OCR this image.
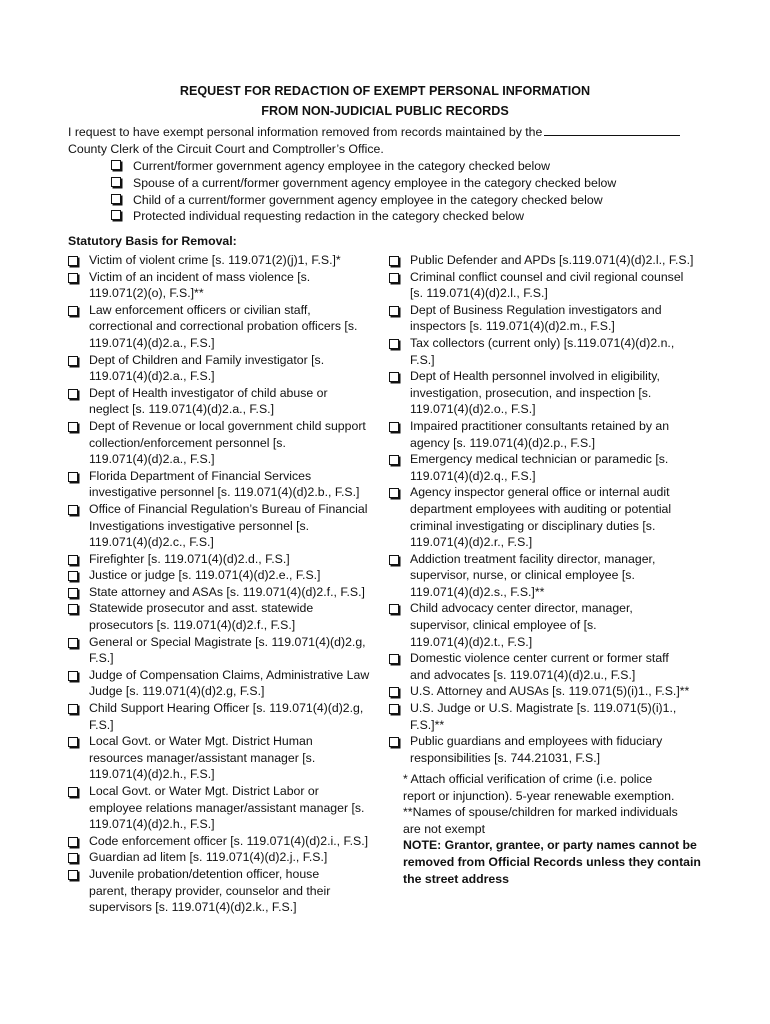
REQUEST FOR REDACTION OF EXEMPT PERSONAL INFORMATION
FROM NON-JUDICIAL PUBLIC RECORDS
I request to have exempt personal information removed from records maintained by the
County Clerk of the Circuit Court and Comptroller’s Office.
Current/former government agency employee in the category checked below
Spouse of a current/former government agency employee in the category checked below
Child of a current/former government agency employee in the category checked below
Protected individual requesting redaction in the category checked below
Statutory Basis for Removal:
Victim of violent crime [s. 119.071(2)(j)1, F.S.]*
Victim of an incident of mass violence [s.
119.071(2)(o), F.S.]**
Law enforcement officers or civilian staff,
correctional and correctional probation officers [s.
119.071(4)(d)2.a., F.S.]
Dept of Children and Family investigator [s.
119.071(4)(d)2.a., F.S.]
Dept of Health investigator of child abuse or
neglect [s. 119.071(4)(d)2.a., F.S.]
Dept of Revenue or local government child support
collection/enforcement personnel [s.
119.071(4)(d)2.a., F.S.]
Florida Department of Financial Services
investigative personnel [s. 119.071(4)(d)2.b., F.S.]
Office of Financial Regulation’s Bureau of Financial
Investigations investigative personnel [s.
119.071(4)(d)2.c., F.S.]
Firefighter [s. 119.071(4)(d)2.d., F.S.]
Justice or judge [s. 119.071(4)(d)2.e., F.S.]
State attorney and ASAs [s. 119.071(4)(d)2.f., F.S.]
Statewide prosecutor and asst. statewide
prosecutors [s. 119.071(4)(d)2.f., F.S.]
General or Special Magistrate [s. 119.071(4)(d)2.g,
F.S.]
Judge of Compensation Claims, Administrative Law
Judge [s. 119.071(4)(d)2.g, F.S.]
Child Support Hearing Officer [s. 119.071(4)(d)2.g,
F.S.]
Local Govt. or Water Mgt. District Human
resources manager/assistant manager [s.
119.071(4)(d)2.h., F.S.]
Local Govt. or Water Mgt. District Labor or
employee relations manager/assistant manager [s.
119.071(4)(d)2.h., F.S.]
Code enforcement officer [s. 119.071(4)(d)2.i., F.S.]
Guardian ad litem [s. 119.071(4)(d)2.j., F.S.]
Juvenile probation/detention officer, house
parent, therapy provider, counselor and their
supervisors [s. 119.071(4)(d)2.k., F.S.]
Public Defender and APDs [s.119.071(4)(d)2.l., F.S.]
Criminal conflict counsel and civil regional counsel
[s. 119.071(4)(d)2.l., F.S.]
Dept of Business Regulation investigators and
inspectors [s. 119.071(4)(d)2.m., F.S.]
Tax collectors (current only) [s.119.071(4)(d)2.n.,
F.S.]
Dept of Health personnel involved in eligibility,
investigation, prosecution, and inspection [s.
119.071(4)(d)2.o., F.S.]
Impaired practitioner consultants retained by an
agency [s. 119.071(4)(d)2.p., F.S.]
Emergency medical technician or paramedic [s.
119.071(4)(d)2.q., F.S.]
Agency inspector general office or internal audit
department employees with auditing or potential
criminal investigating or disciplinary duties [s.
119.071(4)(d)2.r., F.S.]
Addiction treatment facility director, manager,
supervisor, nurse, or clinical employee [s.
119.071(4)(d)2.s., F.S.]**
Child advocacy center director, manager,
supervisor, clinical employee of [s.
119.071(4)(d)2.t., F.S.]
Domestic violence center current or former staff
and advocates [s. 119.071(4)(d)2.u., F.S.]
U.S. Attorney and AUSAs [s. 119.071(5)(i)1., F.S.]**
U.S. Judge or U.S. Magistrate [s. 119.071(5)(i)1.,
F.S.]**
Public guardians and employees with fiduciary
responsibilities [s. 744.21031, F.S.]
* Attach official verification of crime (i.e. police
report or injunction). 5-year renewable exemption.
**Names of spouse/children for marked individuals
are not exempt
NOTE: Grantor, grantee, or party names cannot be
removed from Official Records unless they contain
the street address
